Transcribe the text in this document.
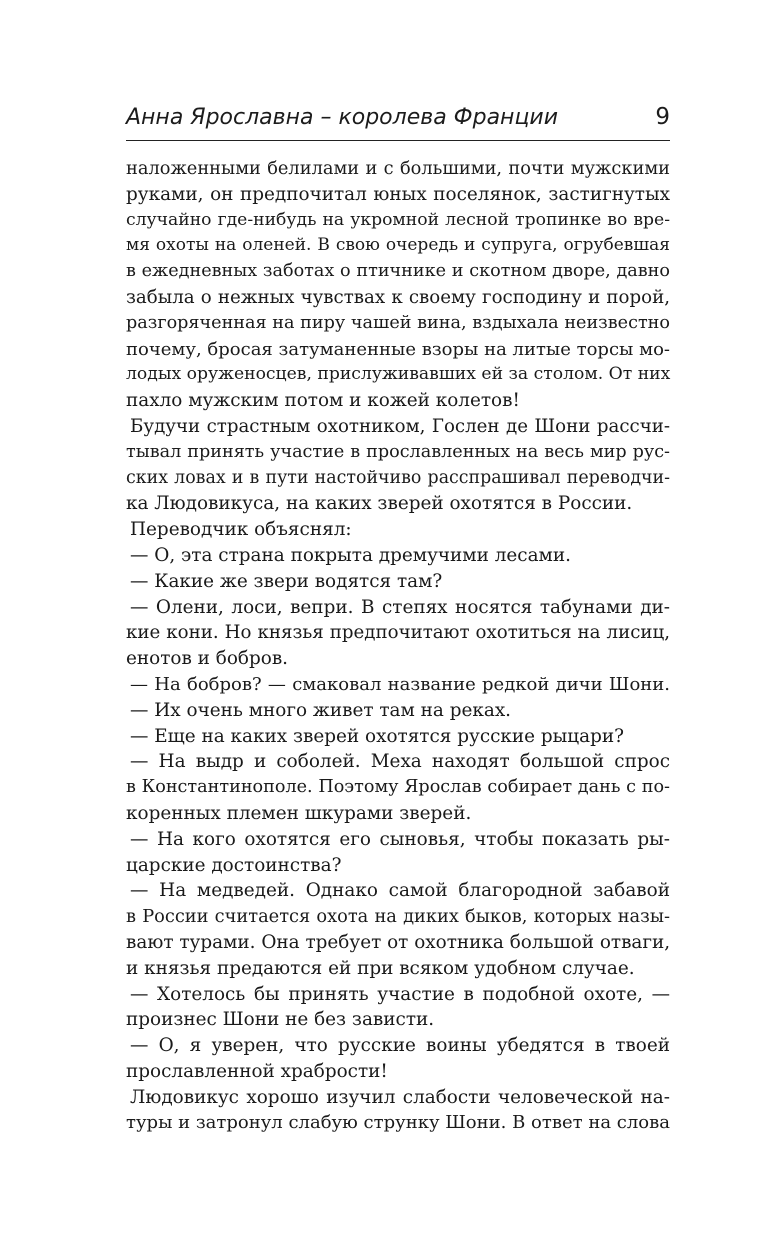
Анна Ярославна – королева Франции	9
наложенными белилами и с большими, почти мужскими
руками, он предпочитал юных поселянок, застигнутых
случайно где-нибудь на укромной лесной тропинке во вре-
мя охоты на оленей. В свою очередь и супруга, огрубевшая
в ежедневных заботах о птичнике и скотном дворе, давно
забыла о нежных чувствах к своему господину и порой,
разгоряченная на пиру чашей вина, вздыхала неизвестно
почему, бросая затуманенные взоры на литые торсы мо-
лодых оруженосцев, прислуживавших ей за столом. От них
пахло мужским потом и кожей колетов!
Будучи страстным охотником, Гослен де Шони рассчи-
тывал принять участие в прославленных на весь мир рус-
ских ловах и в пути настойчиво расспрашивал переводчи-
ка Людовикуса, на каких зверей охотятся в России.
Переводчик объяснял:
— О, эта страна покрыта дремучими лесами.
— Какие же звери водятся там?
— Олени, лоси, вепри. В степях носятся табунами ди-
кие кони. Но князья предпочитают охотиться на лисиц,
енотов и бобров.
— На бобров? — смаковал название редкой дичи Шони.
— Их очень много живет там на реках.
— Еще на каких зверей охотятся русские рыцари?
— На выдр и соболей. Меха находят большой спрос
в Константинополе. Поэтому Ярослав собирает дань с по-
коренных племен шкурами зверей.
— На кого охотятся его сыновья, чтобы показать ры-
царские достоинства?
— На медведей. Однако самой благородной забавой
в России считается охота на диких быков, которых назы-
вают турами. Она требует от охотника большой отваги,
и князья предаются ей при всяком удобном случае.
— Хотелось бы принять участие в подобной охоте, —
произнес Шони не без зависти.
— О, я уверен, что русские воины убедятся в твоей
прославленной храбрости!
Людовикус хорошо изучил слабости человеческой на-
туры и затронул слабую струнку Шони. В ответ на слова
